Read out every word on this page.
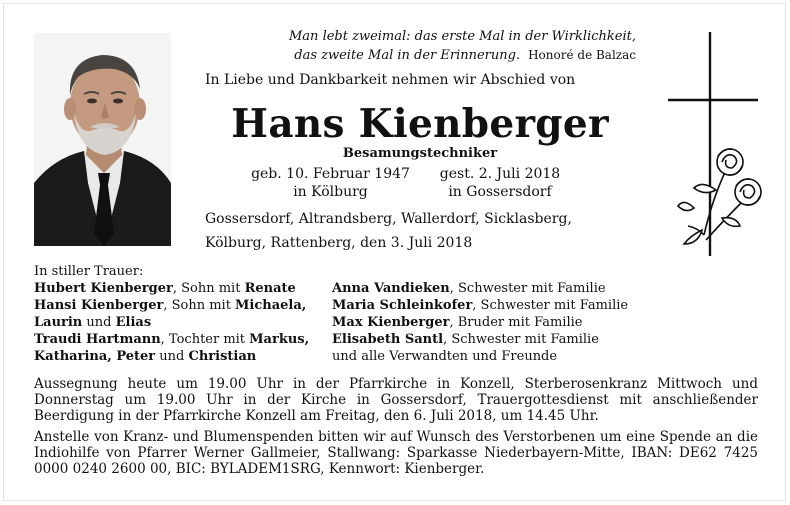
Man lebt zweimal: das erste Mal in der Wirklichkeit,
das zweite Mal in der Erinnerung. Honoré de Balzac
In Liebe und Dankbarkeit nehmen wir Abschied von
Hans Kienberger
Besamungstechniker
geb. 10. Februar 1947
in Kölburg
gest. 2. Juli 2018
in Gossersdorf
Gossersdorf, Altrandsberg, Wallerdorf, Sicklasberg,
Kölburg, Rattenberg, den 3. Juli 2018
In stiller Trauer:
Hubert Kienberger, Sohn mit Renate
Hansi Kienberger, Sohn mit Michaela,
Laurin und Elias
Traudi Hartmann, Tochter mit Markus,
Katharina, Peter und Christian
Anna Vandieken, Schwester mit Familie
Maria Schleinkofer, Schwester mit Familie
Max Kienberger, Bruder mit Familie
Elisabeth Santl, Schwester mit Familie
und alle Verwandten und Freunde

Aussegnung heute um 19.00 Uhr in der Pfarrkirche in Konzell, Sterberosenkranz Mittwoch und Donnerstag um 19.00 Uhr in der Kirche in Gossersdorf, Trauergottesdienst mit anschließender Beerdigung in der Pfarrkirche Konzell am Freitag, den 6. Juli 2018, um 14.45 Uhr.

Anstelle von Kranz- und Blumenspenden bitten wir auf Wunsch des Verstorbenen um eine Spende an die Indiohilfe von Pfarrer Werner Gallmeier, Stallwang: Sparkasse Niederbayern-Mitte, IBAN: DE62 7425 0000 0240 2600 00, BIC: BYLADEM1SRG, Kennwort: Kienberger.
